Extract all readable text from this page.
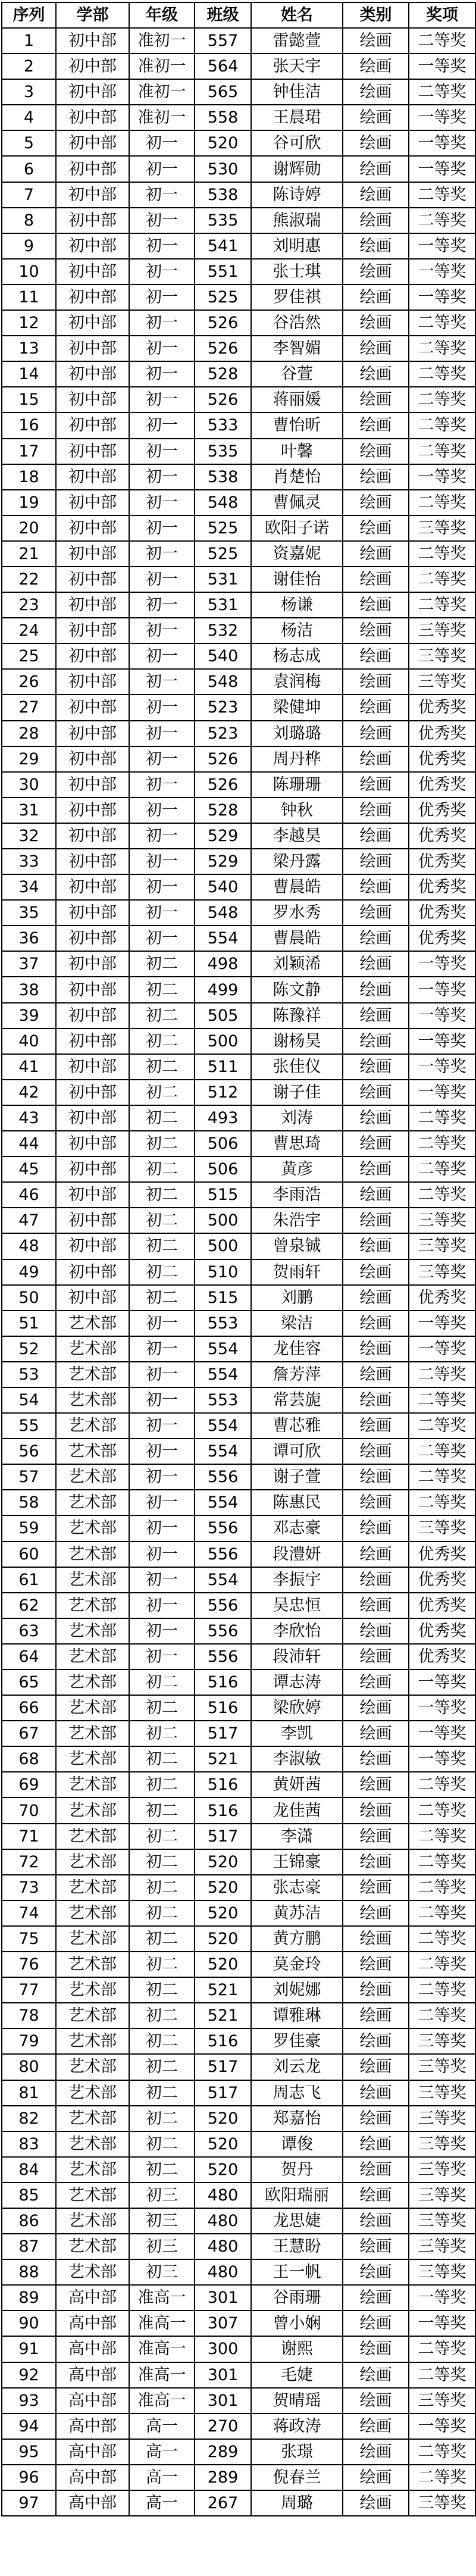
序列	学部	年级	班级	姓名	类别	奖项
1	初中部	准初一	557	雷懿萱	绘画	二等奖
2	初中部	准初一	564	张天宇	绘画	一等奖
3	初中部	准初一	565	钟佳洁	绘画	二等奖
4	初中部	准初一	558	王晨珺	绘画	一等奖
5	初中部	初一	520	谷可欣	绘画	一等奖
6	初中部	初一	530	谢辉勋	绘画	一等奖
7	初中部	初一	538	陈诗婷	绘画	二等奖
8	初中部	初一	535	熊淑瑞	绘画	二等奖
9	初中部	初一	541	刘明惠	绘画	一等奖
10	初中部	初一	551	张士琪	绘画	一等奖
11	初中部	初一	525	罗佳祺	绘画	一等奖
12	初中部	初一	526	谷浩然	绘画	二等奖
13	初中部	初一	526	李智媚	绘画	二等奖
14	初中部	初一	528	谷萱	绘画	二等奖
15	初中部	初一	526	蒋丽媛	绘画	二等奖
16	初中部	初一	533	曹怡昕	绘画	二等奖
17	初中部	初一	535	叶馨	绘画	二等奖
18	初中部	初一	538	肖楚怡	绘画	一等奖
19	初中部	初一	548	曹佩灵	绘画	二等奖
20	初中部	初一	525	欧阳子诺	绘画	三等奖
21	初中部	初一	525	资嘉妮	绘画	二等奖
22	初中部	初一	531	谢佳怡	绘画	二等奖
23	初中部	初一	531	杨谦	绘画	二等奖
24	初中部	初一	532	杨洁	绘画	三等奖
25	初中部	初一	540	杨志成	绘画	三等奖
26	初中部	初一	548	袁润梅	绘画	三等奖
27	初中部	初一	523	梁健坤	绘画	优秀奖
28	初中部	初一	523	刘璐璐	绘画	优秀奖
29	初中部	初一	526	周丹桦	绘画	优秀奖
30	初中部	初一	526	陈珊珊	绘画	优秀奖
31	初中部	初一	528	钟秋	绘画	优秀奖
32	初中部	初一	529	李越昊	绘画	优秀奖
33	初中部	初一	529	梁丹露	绘画	优秀奖
34	初中部	初一	540	曹晨皓	绘画	优秀奖
35	初中部	初一	548	罗水秀	绘画	优秀奖
36	初中部	初一	554	曹晨皓	绘画	优秀奖
37	初中部	初二	498	刘颖浠	绘画	一等奖
38	初中部	初二	499	陈文静	绘画	一等奖
39	初中部	初二	505	陈豫祥	绘画	一等奖
40	初中部	初二	500	谢杨昊	绘画	一等奖
41	初中部	初二	511	张佳仪	绘画	一等奖
42	初中部	初二	512	谢子佳	绘画	一等奖
43	初中部	初二	493	刘涛	绘画	二等奖
44	初中部	初二	506	曹思琦	绘画	二等奖
45	初中部	初二	506	黄彦	绘画	二等奖
46	初中部	初二	515	李雨浩	绘画	二等奖
47	初中部	初二	500	朱浩宇	绘画	三等奖
48	初中部	初二	500	曾泉铖	绘画	三等奖
49	初中部	初二	510	贺雨轩	绘画	三等奖
50	初中部	初二	515	刘鹏	绘画	优秀奖
51	艺术部	初一	553	梁洁	绘画	一等奖
52	艺术部	初一	554	龙佳容	绘画	一等奖
53	艺术部	初一	554	詹芳萍	绘画	二等奖
54	艺术部	初一	553	常芸旎	绘画	二等奖
55	艺术部	初一	554	曹芯雅	绘画	二等奖
56	艺术部	初一	554	谭可欣	绘画	二等奖
57	艺术部	初一	556	谢子萱	绘画	二等奖
58	艺术部	初一	554	陈惠民	绘画	二等奖
59	艺术部	初一	556	邓志豪	绘画	三等奖
60	艺术部	初一	556	段澧妍	绘画	优秀奖
61	艺术部	初一	554	李振宇	绘画	优秀奖
62	艺术部	初一	556	吴忠恒	绘画	优秀奖
63	艺术部	初一	556	李欣怡	绘画	优秀奖
64	艺术部	初一	556	段沛轩	绘画	优秀奖
65	艺术部	初二	516	谭志涛	绘画	一等奖
66	艺术部	初二	516	梁欣婷	绘画	一等奖
67	艺术部	初二	517	李凯	绘画	一等奖
68	艺术部	初二	521	李淑敏	绘画	一等奖
69	艺术部	初二	516	黄妍茜	绘画	二等奖
70	艺术部	初二	516	龙佳茜	绘画	二等奖
71	艺术部	初二	517	李潇	绘画	二等奖
72	艺术部	初二	520	王锦豪	绘画	二等奖
73	艺术部	初二	520	张志豪	绘画	二等奖
74	艺术部	初二	520	黄苏洁	绘画	二等奖
75	艺术部	初二	520	黄方鹏	绘画	二等奖
76	艺术部	初二	520	莫金玲	绘画	二等奖
77	艺术部	初二	521	刘妮娜	绘画	二等奖
78	艺术部	初二	521	谭雅琳	绘画	二等奖
79	艺术部	初二	516	罗佳豪	绘画	三等奖
80	艺术部	初二	517	刘云龙	绘画	三等奖
81	艺术部	初二	517	周志飞	绘画	三等奖
82	艺术部	初二	520	郑嘉怡	绘画	三等奖
83	艺术部	初二	520	谭俊	绘画	三等奖
84	艺术部	初二	520	贺丹	绘画	三等奖
85	艺术部	初三	480	欧阳瑞丽	绘画	三等奖
86	艺术部	初三	480	龙思婕	绘画	三等奖
87	艺术部	初三	480	王慧盼	绘画	三等奖
88	艺术部	初三	480	王一帆	绘画	三等奖
89	高中部	准高一	301	谷雨珊	绘画	一等奖
90	高中部	准高一	307	曾小娴	绘画	一等奖
91	高中部	准高一	300	谢熙	绘画	二等奖
92	高中部	准高一	301	毛婕	绘画	二等奖
93	高中部	准高一	301	贺晴瑶	绘画	三等奖
94	高中部	高一	270	蒋政涛	绘画	一等奖
95	高中部	高一	289	张璟	绘画	二等奖
96	高中部	高一	289	倪春兰	绘画	二等奖
97	高中部	高一	267	周璐	绘画	三等奖
